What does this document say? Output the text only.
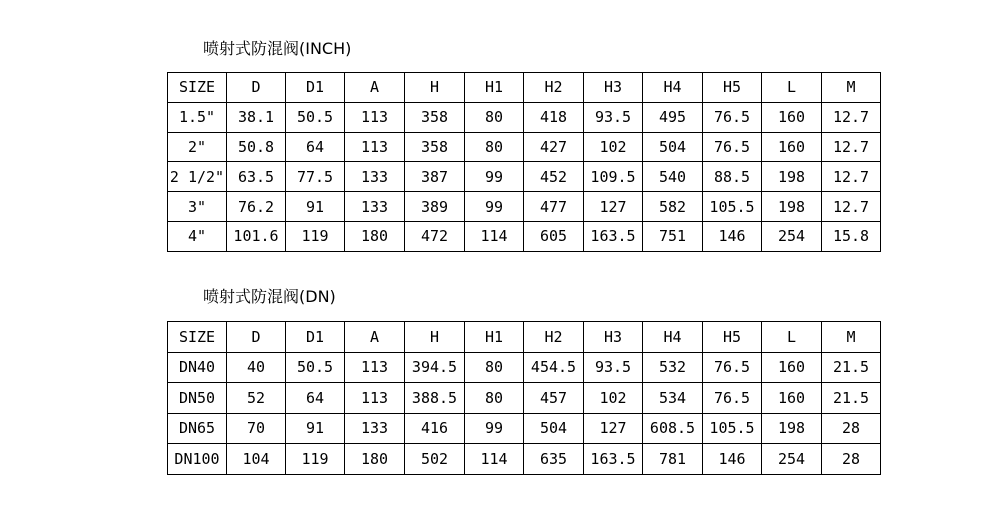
喷射式防混阀(INCH)
SIZE	D	D1	A	H	H1	H2	H3	H4	H5	L	M
1.5"	38.1	50.5	113	358	80	418	93.5	495	76.5	160	12.7
2"	50.8	64	113	358	80	427	102	504	76.5	160	12.7
2 1/2"	63.5	77.5	133	387	99	452	109.5	540	88.5	198	12.7
3"	76.2	91	133	389	99	477	127	582	105.5	198	12.7
4"	101.6	119	180	472	114	605	163.5	751	146	254	15.8
喷射式防混阀(DN)
SIZE	D	D1	A	H	H1	H2	H3	H4	H5	L	M
DN40	40	50.5	113	394.5	80	454.5	93.5	532	76.5	160	21.5
DN50	52	64	113	388.5	80	457	102	534	76.5	160	21.5
DN65	70	91	133	416	99	504	127	608.5	105.5	198	28
DN100	104	119	180	502	114	635	163.5	781	146	254	28
